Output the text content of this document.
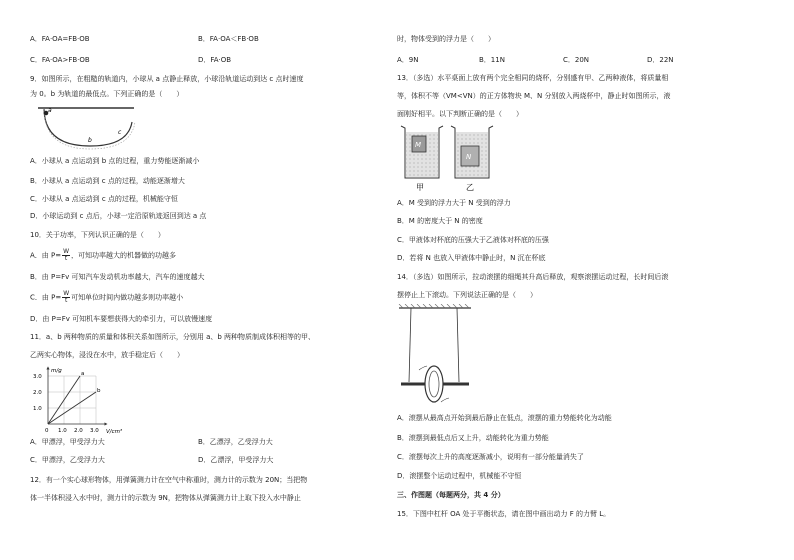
A．FA·OA=FB·OB	B．FA·OA＜FB·OB
C．FA·OA>FB·OB	D．FA·OB
9．如图所示，在粗糙的轨道内，小球从 a 点静止释放，小球沿轨道运动到达 c 点时速度
为 0。b 为轨道的最低点。下列正确的是（　　）
a
b
c
A．小球从 a 点运动到 b 点的过程，重力势能逐渐减小
B．小球从 a 点运动到 c 点的过程，动能逐渐增大
C．小球从 a 点运动到 c 点的过程，机械能守恒
D．小球运动到 c 点后，小球一定沿原轨迹返回到达 a 点
10．关于功率，下列认识正确的是（　　）
A．由 $P= \frac{W}{t}$ ，可知功率越大的机器做的功越多
B．由 P=Fv 可知汽车发动机功率越大，汽车的速度越大
C．由 $P= \frac{W}{t}$ 可知单位时间内做功越多则功率越小
D．由 P=Fv 可知机车要想获得大的牵引力，可以放慢速度
11．a、b 两种物质的质量和体积关系如图所示，分别用 a、b 两种物质制成体积相等的甲、
乙两实心物体，浸没在水中，放手稳定后（　　）
m/g
V/cm³
3.0
2.0
1.0
0 1.0 2.0 3.0
a
b
A．甲漂浮，甲受浮力大	B．乙漂浮，乙受浮力大
C．甲漂浮，乙受浮力大	D．乙漂浮，甲受浮力大
12．有一个实心球形物体，用弹簧测力计在空气中称重时，测力计的示数为 20N；当把物
体一半体积浸入水中时，测力计的示数为 9N，把物体从弹簧测力计上取下投入水中静止
时，物体受到的浮力是（　　）
A．9N	B．11N	C．20N	D．22N
13．（多选）水平桌面上放有两个完全相同的烧杯，分别盛有甲、乙两种液体，将质量相
等，体积不等（VM<VN）的正方体物块 M、N 分别放入两烧杯中，静止时如图所示，液
面刚好相平。以下判断正确的是（　　）
M
N
甲	乙
A．M 受到的浮力大于 N 受到的浮力
B．M 的密度大于 N 的密度
C．甲液体对杯底的压强大于乙液体对杯底的压强
D．若将 N 也放入甲液体中静止时，N 沉在杯底
14．（多选）如图所示，拉动滚摆的细绳其升高后释放，观察滚摆运动过程，长时间后滚
摆停止上下滚动。下列说法正确的是（　　）
A．滚摆从最高点开始到最后静止在低点，滚摆的重力势能转化为动能
B．滚摆到最低点后又上升，动能转化为重力势能
C．滚摆每次上升的高度逐渐减小，说明有一部分能量消失了
D．滚摆整个运动过程中，机械能不守恒
三、作图题（每题两分，共 4 分）
15．下图中杠杆 OA 处于平衡状态，请在图中画出动力 F 的力臂 L。
